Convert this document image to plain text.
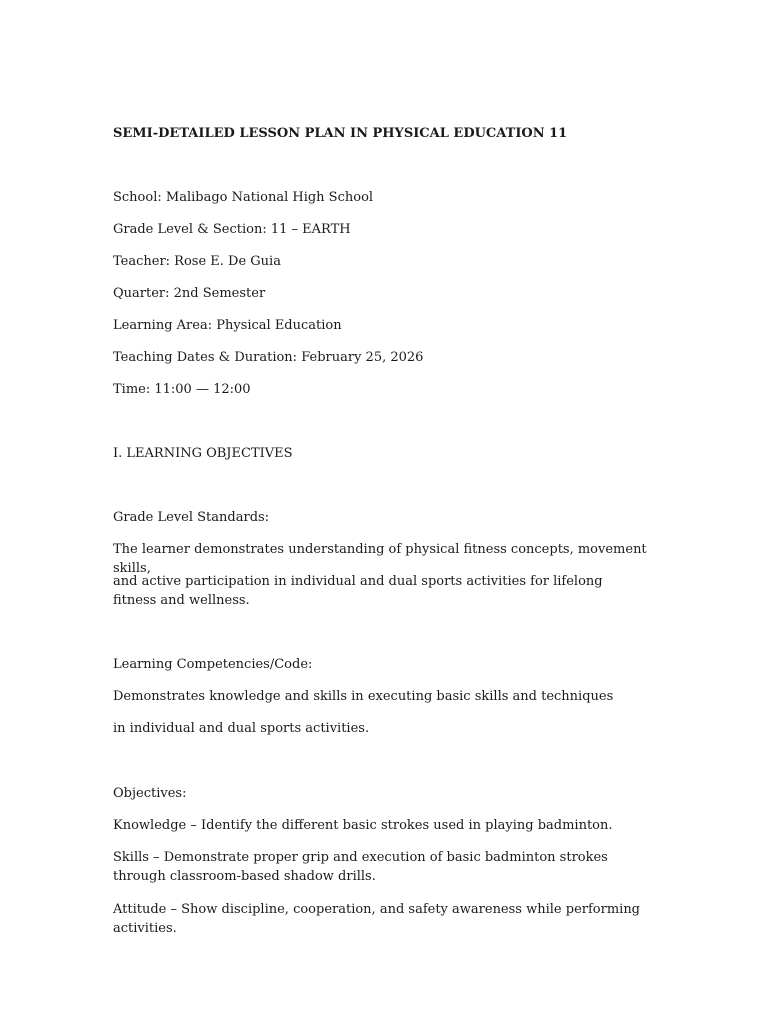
SEMI-DETAILED LESSON PLAN IN PHYSICAL EDUCATION 11
School: Malibago National High School
Grade Level & Section: 11 – EARTH
Teacher: Rose E. De Guia
Quarter: 2nd Semester
Learning Area: Physical Education
Teaching Dates & Duration: February 25, 2026
Time: 11:00 — 12:00
I. LEARNING OBJECTIVES
Grade Level Standards:
The learner demonstrates understanding of physical fitness concepts, movement skills,
and active participation in individual and dual sports activities for lifelong fitness and wellness.
Learning Competencies/Code:
Demonstrates knowledge and skills in executing basic skills and techniques
in individual and dual sports activities.
Objectives:
Knowledge – Identify the different basic strokes used in playing badminton.
Skills – Demonstrate proper grip and execution of basic badminton strokes through classroom-based shadow drills.
Attitude – Show discipline, cooperation, and safety awareness while performing activities.
